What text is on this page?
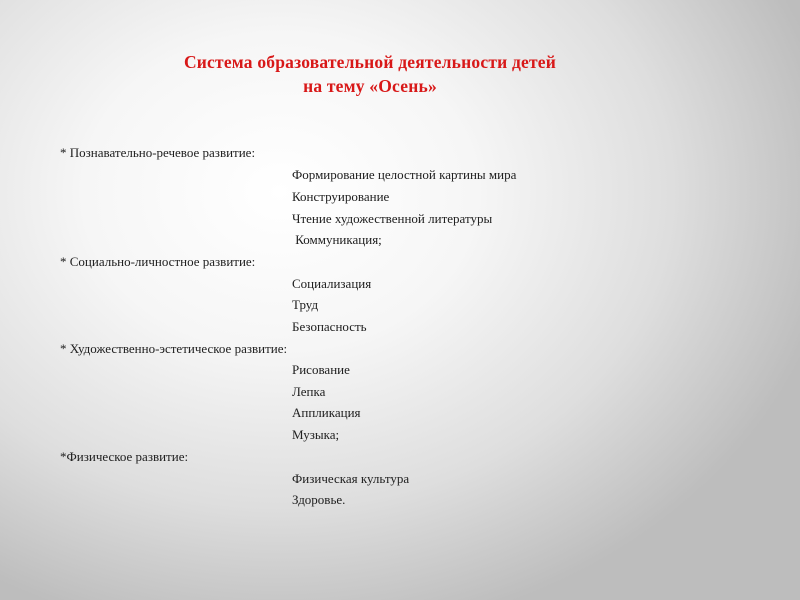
Система образовательной деятельности детей
на тему «Осень»
* Познавательно-речевое развитие:
Формирование целостной картины мира
Конструирование
Чтение художественной литературы
Коммуникация;
* Социально-личностное развитие:
Социализация
Труд
Безопасность
* Художественно-эстетическое развитие:
Рисование
Лепка
Аппликация
Музыка;
*Физическое развитие:
Физическая культура
Здоровье.
